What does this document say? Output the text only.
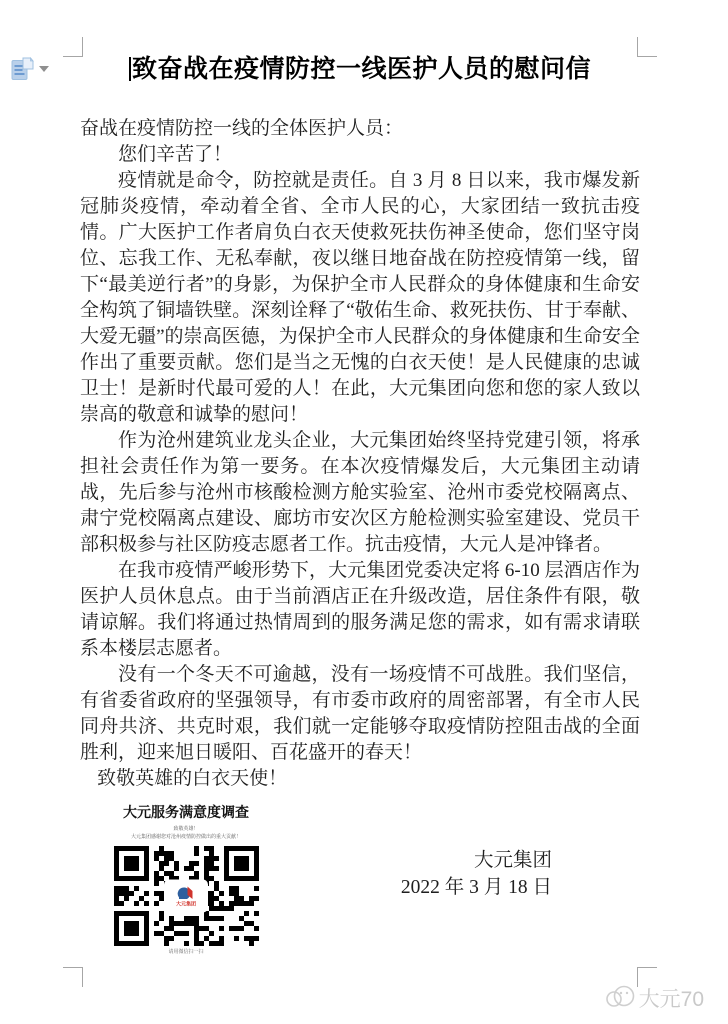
致奋战在疫情防控一线医护人员的慰问信

奋战在疫情防控一线的全体医护人员：

您们辛苦了！

疫情就是命令，防控就是责任。自 3 月 8 日以来，我市爆发新冠肺炎疫情，牵动着全省、全市人民的心，大家团结一致抗击疫情。广大医护工作者肩负白衣天使救死扶伤神圣使命，您们坚守岗位、忘我工作、无私奉献，夜以继日地奋战在防控疫情第一线，留下“最美逆行者”的身影，为保护全市人民群众的身体健康和生命安全构筑了铜墙铁壁。深刻诠释了“敬佑生命、救死扶伤、甘于奉献、大爱无疆”的崇高医德，为保护全市人民群众的身体健康和生命安全作出了重要贡献。您们是当之无愧的白衣天使！是人民健康的忠诚卫士！是新时代最可爱的人！在此，大元集团向您和您的家人致以崇高的敬意和诚挚的慰问！

作为沧州建筑业龙头企业，大元集团始终坚持党建引领，将承担社会责任作为第一要务。在本次疫情爆发后，大元集团主动请战，先后参与沧州市核酸检测方舱实验室、沧州市委党校隔离点、肃宁党校隔离点建设、廊坊市安次区方舱检测实验室建设、党员干部积极参与社区防疫志愿者工作。抗击疫情，大元人是冲锋者。

在我市疫情严峻形势下，大元集团党委决定将 6-10 层酒店作为医护人员休息点。由于当前酒店正在升级改造，居住条件有限，敬请谅解。我们将通过热情周到的服务满足您的需求，如有需求请联系本楼层志愿者。

没有一个冬天不可逾越，没有一场疫情不可战胜。我们坚信，有省委省政府的坚强领导，有市委市政府的周密部署，有全市人民同舟共济、共克时艰，我们就一定能够夺取疫情防控阻击战的全面胜利，迎来旭日暖阳、百花盛开的春天！

致敬英雄的白衣天使！

大元服务满意度调查

致敬英雄！

大元集团感谢您对沧州疫情防控做出的重大贡献！

大元集团

请用微信扫一扫

大元集团
2022 年 3 月 18 日
大元70
